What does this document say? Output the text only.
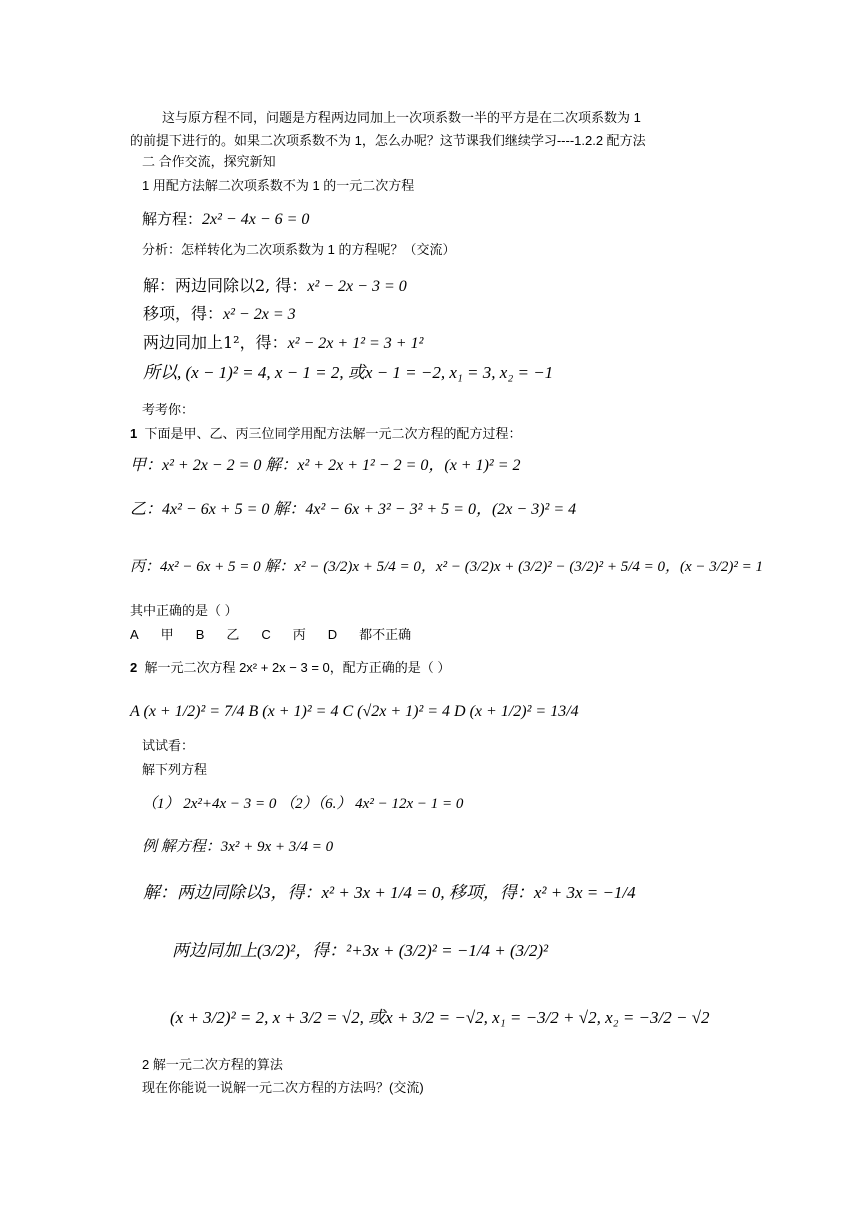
这与原方程不同，问题是方程两边同加上一次项系数一半的平方是在二次项系数为 1
的前提下进行的。如果二次项系数不为 1，怎么办呢？这节课我们继续学习----1.2.2 配方法
二 合作交流，探究新知
1 用配方法解二次项系数不为 1 的一元二次方程
解方程：2x² − 4x − 6 = 0
分析：怎样转化为二次项系数为 1 的方程呢？（交流）
解：两边同除以2, 得：x² − 2x − 3 = 0
移项，得：x² − 2x = 3
两边同加上1²，得：x² − 2x + 1² = 3 + 1²
所以, (x − 1)² = 4, x − 1 = 2, 或x − 1 = −2, x₁ = 3, x₂ = −1
考考你：
1 下面是甲、乙、丙三位同学用配方法解一元二次方程的配方过程：
甲：x² + 2x − 2 = 0 解：x² + 2x + 1² − 2 = 0，(x + 1)² = 2
乙：4x² − 6x + 5 = 0 解：4x² − 6x + 3² − 3² + 5 = 0，(2x − 3)² = 4
丙：4x² − 6x + 5 = 0 解：x² − (3/2)x + 5/4 = 0，x² − (3/2)x + (3/2)² − (3/2)² + 5/4 = 0，(x − 3/2)² = 1
其中正确的是（ ）
A 甲 B 乙 C 丙 D 都不正确
2 解一元二次方程 2x² + 2x − 3 = 0，配方正确的是（ ）
A (x + 1/2)² = 7/4 B (x + 1)² = 4 C (√2x + 1)² = 4 D (x + 1/2)² = 13/4
试试看：
解下列方程
（1） 2x²+4x − 3 = 0 （2）（6.） 4x² − 12x − 1 = 0
例 解方程：3x² + 9x + 3/4 = 0
解：两边同除以3，得：x² + 3x + 1/4 = 0, 移项，得：x² + 3x = −1/4
两边同加上(3/2)²，得：²+3x + (3/2)² = −1/4 + (3/2)²
(x + 3/2)² = 2, x + 3/2 = √2, 或x + 3/2 = −√2, x₁ = −3/2 + √2, x₂ = −3/2 − √2
2 解一元二次方程的算法
现在你能说一说解一元二次方程的方法吗？(交流)
